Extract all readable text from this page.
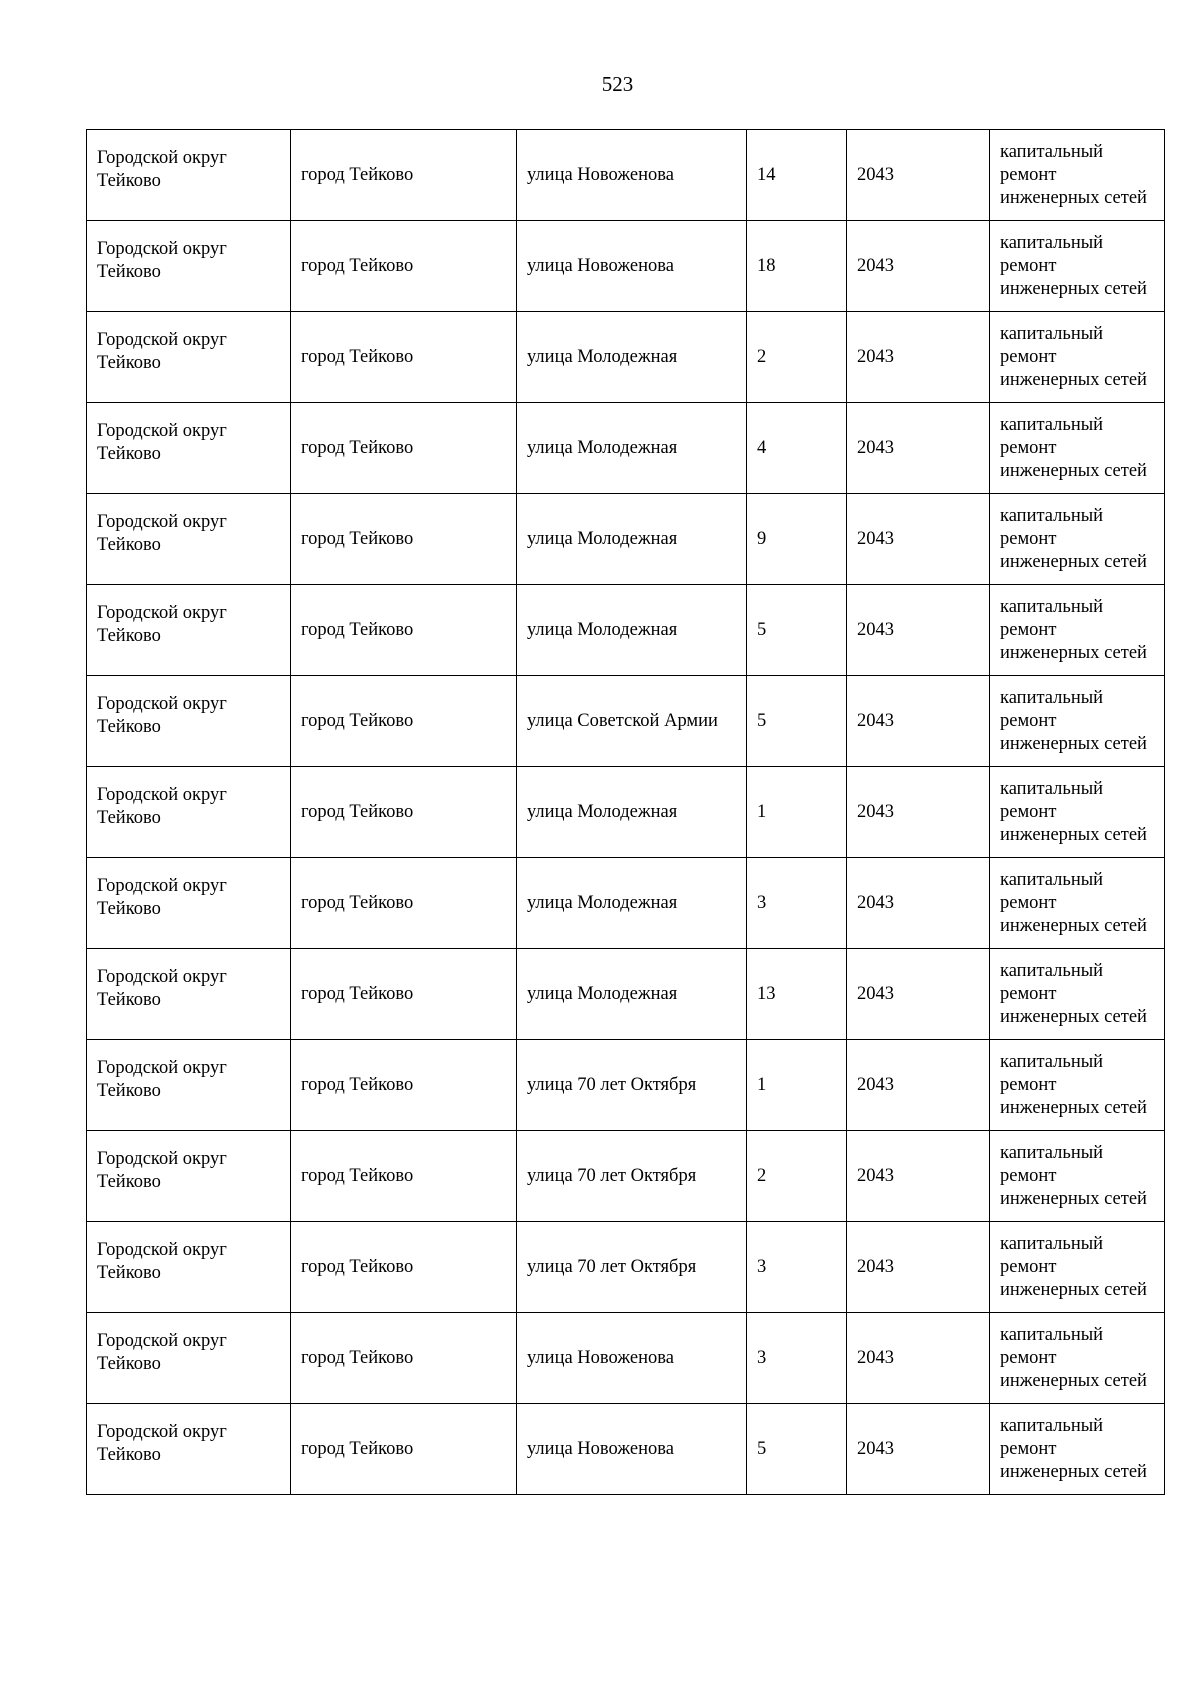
523
Городской округ Тейково	город Тейково	улица Новоженова	14	2043	капитальный ремонт инженерных сетей
Городской округ Тейково	город Тейково	улица Новоженова	18	2043	капитальный ремонт инженерных сетей
Городской округ Тейково	город Тейково	улица Молодежная	2	2043	капитальный ремонт инженерных сетей
Городской округ Тейково	город Тейково	улица Молодежная	4	2043	капитальный ремонт инженерных сетей
Городской округ Тейково	город Тейково	улица Молодежная	9	2043	капитальный ремонт инженерных сетей
Городской округ Тейково	город Тейково	улица Молодежная	5	2043	капитальный ремонт инженерных сетей
Городской округ Тейково	город Тейково	улица Советской Армии	5	2043	капитальный ремонт инженерных сетей
Городской округ Тейково	город Тейково	улица Молодежная	1	2043	капитальный ремонт инженерных сетей
Городской округ Тейково	город Тейково	улица Молодежная	3	2043	капитальный ремонт инженерных сетей
Городской округ Тейково	город Тейково	улица Молодежная	13	2043	капитальный ремонт инженерных сетей
Городской округ Тейково	город Тейково	улица 70 лет Октября	1	2043	капитальный ремонт инженерных сетей
Городской округ Тейково	город Тейково	улица 70 лет Октября	2	2043	капитальный ремонт инженерных сетей
Городской округ Тейково	город Тейково	улица 70 лет Октября	3	2043	капитальный ремонт инженерных сетей
Городской округ Тейково	город Тейково	улица Новоженова	3	2043	капитальный ремонт инженерных сетей
Городской округ Тейково	город Тейково	улица Новоженова	5	2043	капитальный ремонт инженерных сетей
